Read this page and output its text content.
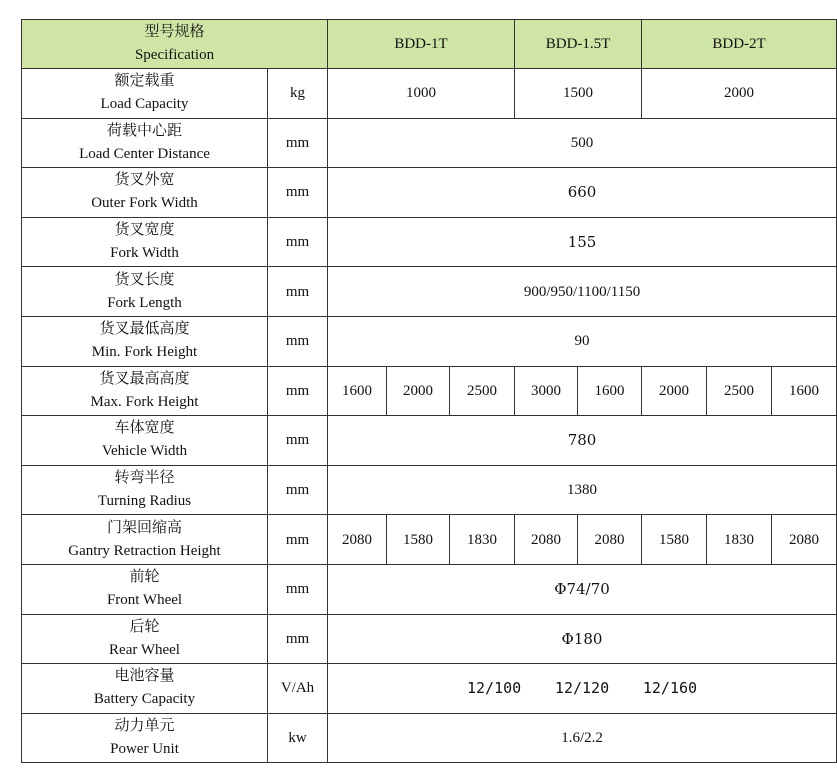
型号规格
Specification		BDD-1T			BDD-1.5T		BDD-2T		

额定载重
Load Capacity	kg	1000			1500		2000		

荷载中心距
Load Center Distance	mm	500							

货叉外宽
Outer Fork Width	mm	660							

货叉宽度
Fork Width	mm	155							

货叉长度
Fork Length	mm	900/950/1100/1150							

货叉最低高度
Min. Fork Height	mm	90							

货叉最高高度
Max. Fork Height	mm	1600	2000	2500	3000	1600	2000	2500	1600

车体宽度
Vehicle Width	mm	780							

转弯半径
Turning Radius	mm	1380							

门架回缩高
Gantry Retraction Height	mm	2080	1580	1830	2080	2080	1580	1830	2080

前轮
Front Wheel	mm	Φ74/70							

后轮
Rear Wheel	mm	Φ180							

电池容量
Battery Capacity	V/Ah	12/100 12/120 12/160							

动力单元
Power Unit	kw	1.6/2.2							
